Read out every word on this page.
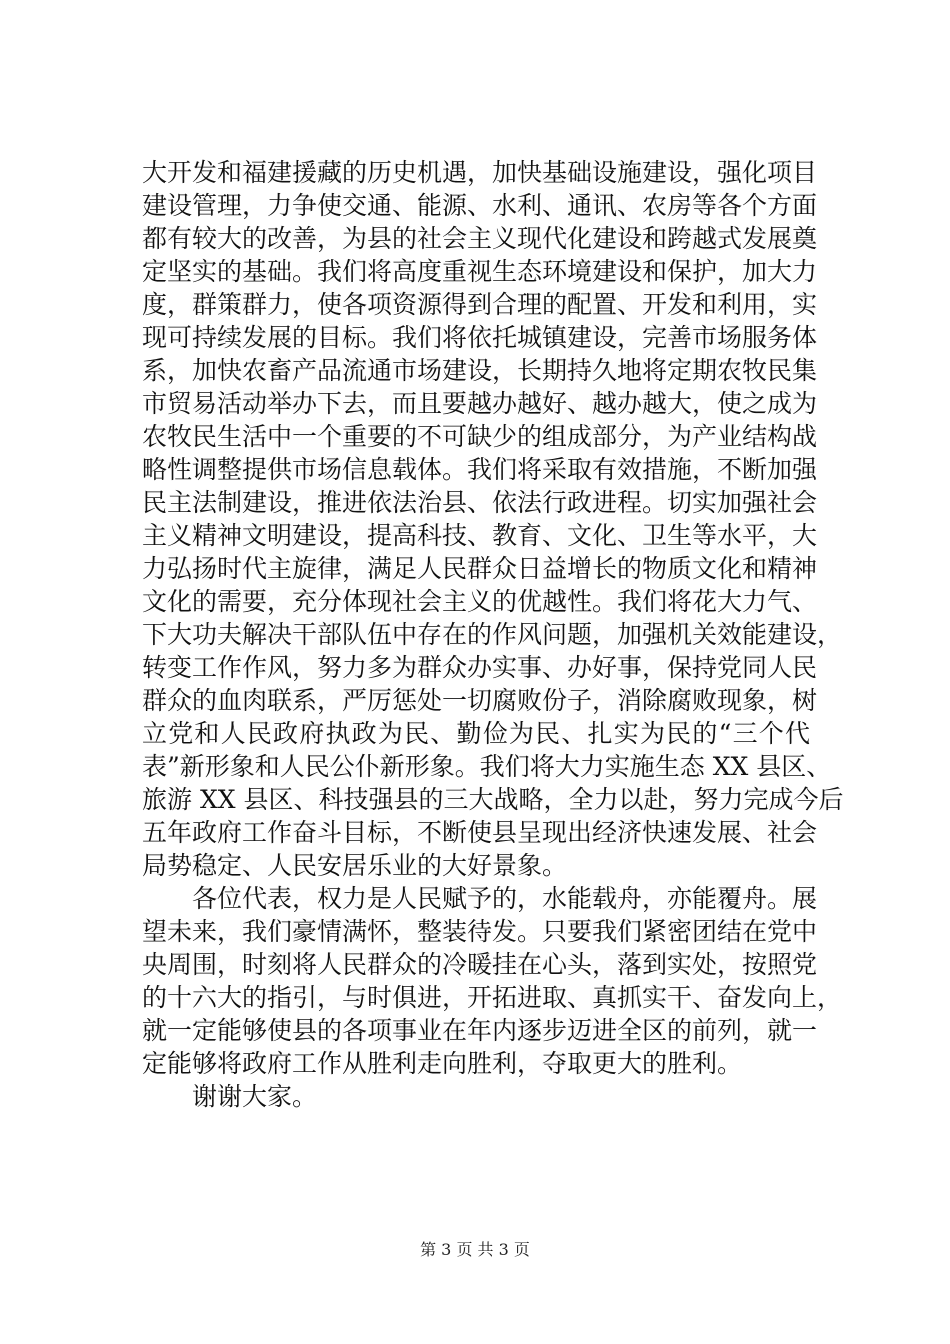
大开发和福建援藏的历史机遇，加快基础设施建设，强化项目
建设管理，力争使交通、能源、水利、通讯、农房等各个方面
都有较大的改善，为县的社会主义现代化建设和跨越式发展奠
定坚实的基础。我们将高度重视生态环境建设和保护，加大力
度，群策群力，使各项资源得到合理的配置、开发和利用，实
现可持续发展的目标。我们将依托城镇建设，完善市场服务体
系，加快农畜产品流通市场建设，长期持久地将定期农牧民集
市贸易活动举办下去，而且要越办越好、越办越大，使之成为
农牧民生活中一个重要的不可缺少的组成部分，为产业结构战
略性调整提供市场信息载体。我们将采取有效措施，不断加强
民主法制建设，推进依法治县、依法行政进程。切实加强社会
主义精神文明建设，提高科技、教育、文化、卫生等水平，大
力弘扬时代主旋律，满足人民群众日益增长的物质文化和精神
文化的需要，充分体现社会主义的优越性。我们将花大力气、
下大功夫解决干部队伍中存在的作风问题，加强机关效能建设，
转变工作作风，努力多为群众办实事、办好事，保持党同人民
群众的血肉联系，严厉惩处一切腐败份子，消除腐败现象，树
立党和人民政府执政为民、勤俭为民、扎实为民的“三个代
表”新形象和人民公仆新形象。我们将大力实施生态 XX 县区、
旅游 XX 县区、科技强县的三大战略，全力以赴，努力完成今后
五年政府工作奋斗目标，不断使县呈现出经济快速发展、社会
局势稳定、人民安居乐业的大好景象。
　　各位代表，权力是人民赋予的，水能载舟，亦能覆舟。展
望未来，我们豪情满怀，整装待发。只要我们紧密团结在党中
央周围，时刻将人民群众的冷暖挂在心头，落到实处，按照党
的十六大的指引，与时俱进，开拓进取、真抓实干、奋发向上，
就一定能够使县的各项事业在年内逐步迈进全区的前列，就一
定能够将政府工作从胜利走向胜利，夺取更大的胜利。
　　谢谢大家。
第 3 页 共 3 页
